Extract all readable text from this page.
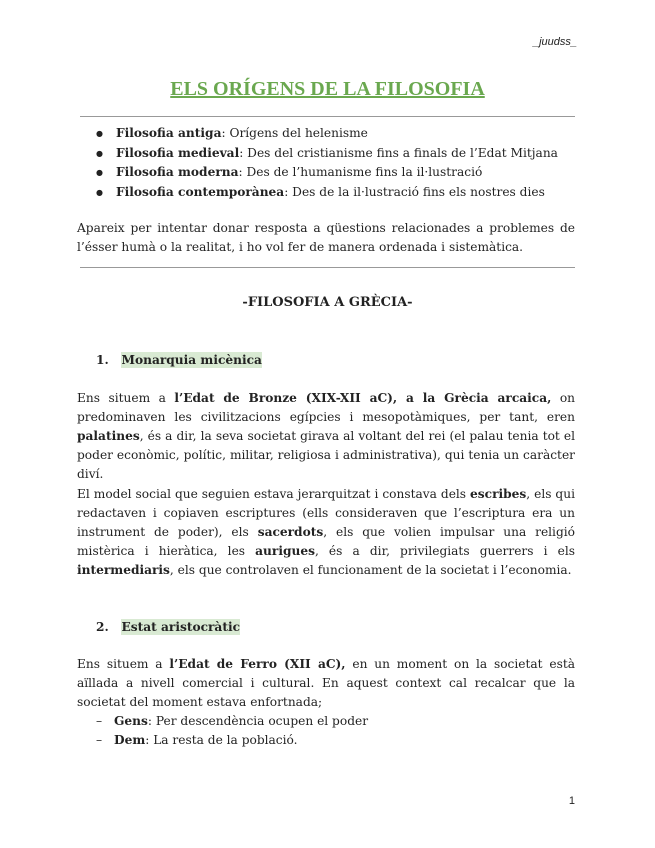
_juudss_
ELS ORÍGENS DE LA FILOSOFIA
● Filosofia antiga: Orígens del helenisme
● Filosofia medieval: Des del cristianisme fins a finals de l’Edat Mitjana
● Filosofia moderna: Des de l’humanisme fins la il·lustració
● Filosofia contemporànea: Des de la il·lustració fins els nostres dies

Apareix per intentar donar resposta a qüestions relacionades a problemes de l’ésser humà o la realitat, i ho vol fer de manera ordenada i sistemàtica.

-FILOSOFIA A GRÈCIA-
1. Monarquia micènica

Ens situem a l’Edat de Bronze (XIX-XII aC), a la Grècia arcaica, on predominaven les civilitzacions egípcies i mesopotàmiques, per tant, eren palatines, és a dir, la seva societat girava al voltant del rei (el palau tenia tot el poder econòmic, polític, militar, religiosa i administrativa), qui tenia un caràcter diví.

El model social que seguien estava jerarquitzat i constava dels escribes, els qui redactaven i copiaven escriptures (ells consideraven que l’escriptura era un instrument de poder), els sacerdots, els que volien impulsar una religió mistèrica i hieràtica, les aurigues, és a dir, privilegiats guerrers i els intermediaris, els que controlaven el funcionament de la societat i l’economia.

2. Estat aristocràtic

Ens situem a l’Edat de Ferro (XII aC), en un moment on la societat està aïllada a nivell comercial i cultural. En aquest context cal recalcar que la societat del moment estava enfortnada;

– Gens: Per descendència ocupen el poder
– Dem: La resta de la població.
1
